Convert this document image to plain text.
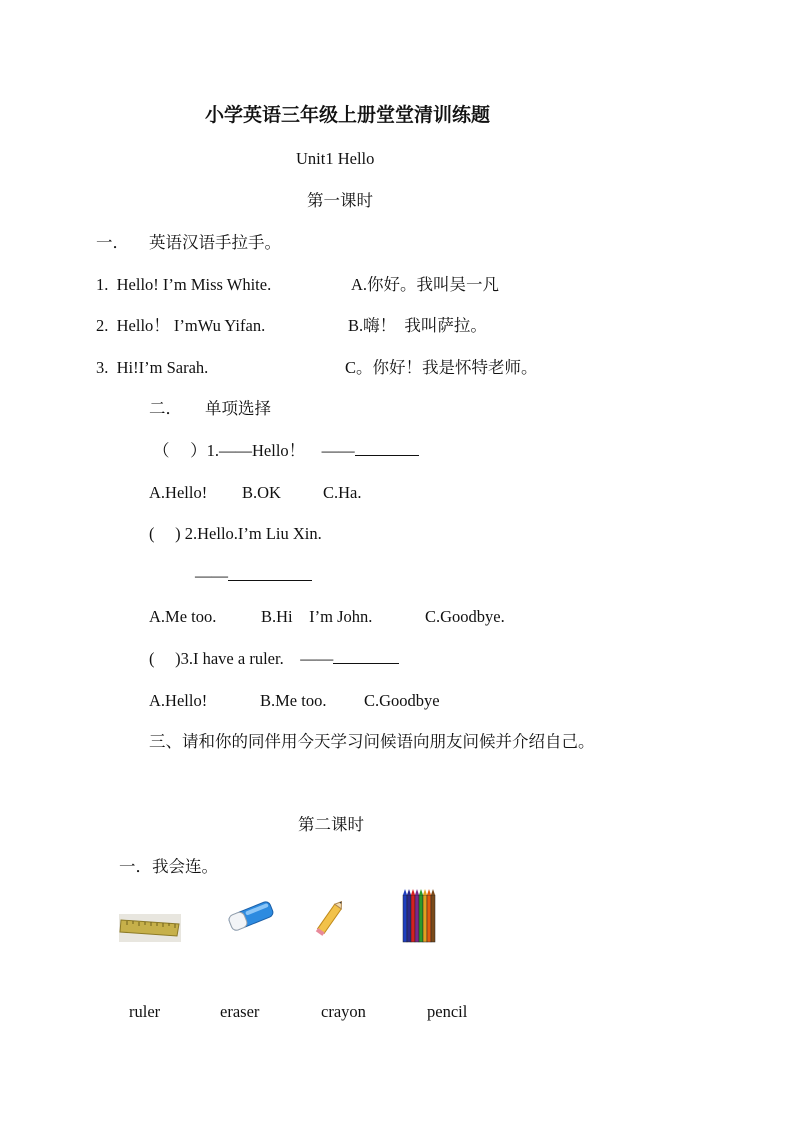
小学英语三年级上册堂堂清训练题
Unit1 Hello
第一课时
一． 英语汉语手拉手。
1.  Hello! I’m Miss White.	A.你好。我叫吴一凡
2.  Hello！ I’mWu Yifan.	B.嗨！  我叫萨拉。
3.  Hi!I’m Sarah.	C。你好！我是怀特老师。
二． 单项选择
（     ）1.——Hello！    ——
A.Hello! B.OK	C.Ha.
(     ) 2.Hello.I’m Liu Xin.
——
A.Me too.	B.Hi    I’m John.	C.Goodbye.
(     )3.I have a ruler.    ——
A.Hello!	B.Me too. C.Goodbye
三、请和你的同伴用今天学习问候语向朋友问候并介绍自己。
第二课时
一．我会连。
ruler	eraser	crayon	pencil
